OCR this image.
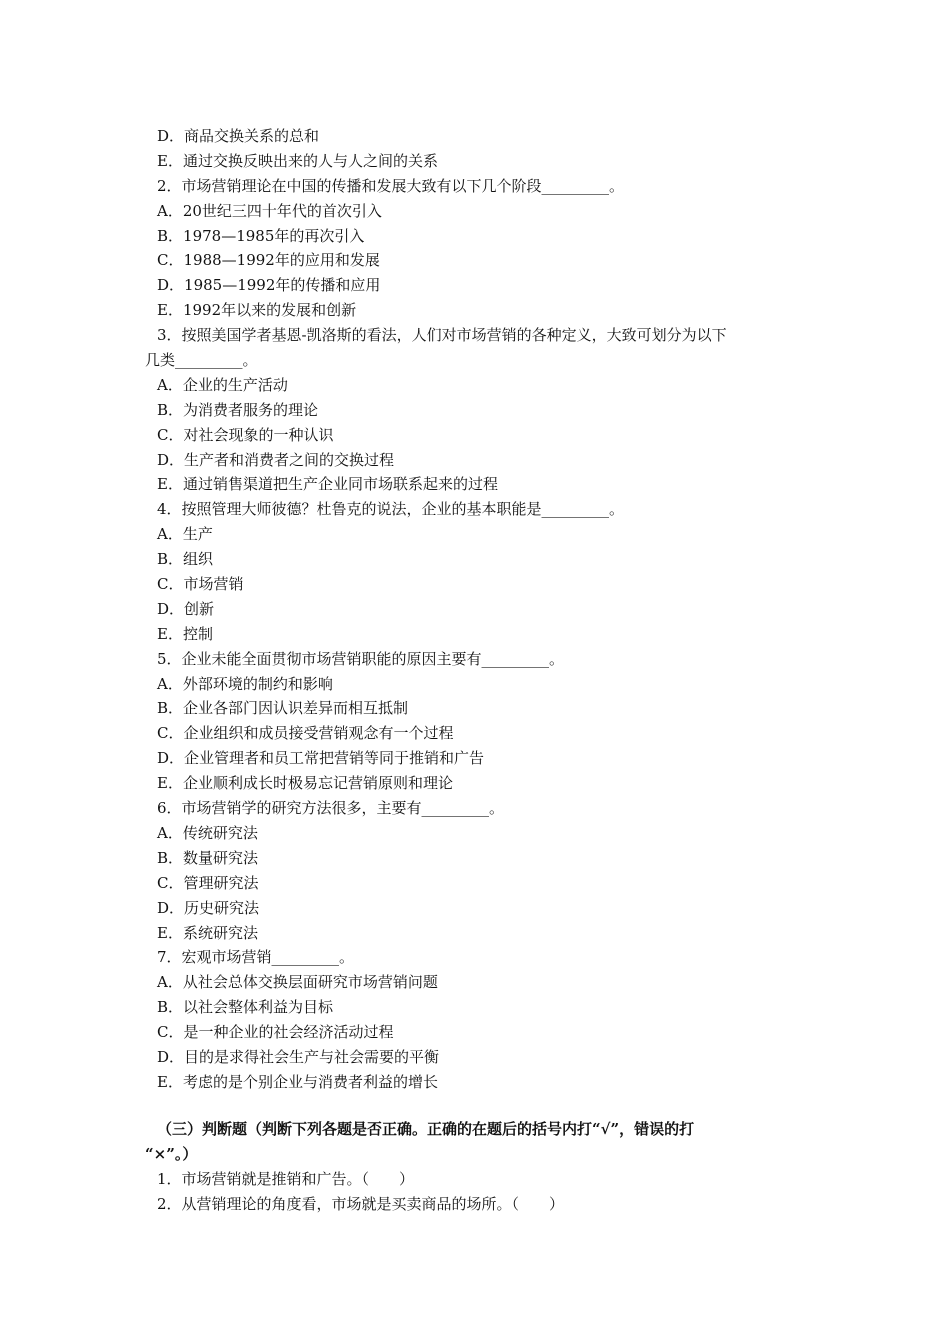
D．商品交换关系的总和
E．通过交换反映出来的人与人之间的关系
2．市场营销理论在中国的传播和发展大致有以下几个阶段_________。
A．20世纪三四十年代的首次引入
B．1978—1985年的再次引入
C．1988—1992年的应用和发展
D．1985—1992年的传播和应用
E．1992年以来的发展和创新
3．按照美国学者基恩-凯洛斯的看法，人们对市场营销的各种定义，大致可划分为以下
几类_________。
A．企业的生产活动
B．为消费者服务的理论
C．对社会现象的一种认识
D．生产者和消费者之间的交换过程
E．通过销售渠道把生产企业同市场联系起来的过程
4．按照管理大师彼德？杜鲁克的说法，企业的基本职能是_________。
A．生产
B．组织
C．市场营销
D．创新
E．控制
5．企业未能全面贯彻市场营销职能的原因主要有_________。
A．外部环境的制约和影响
B．企业各部门因认识差异而相互抵制
C．企业组织和成员接受营销观念有一个过程
D．企业管理者和员工常把营销等同于推销和广告
E．企业顺利成长时极易忘记营销原则和理论
6．市场营销学的研究方法很多，主要有_________。
A．传统研究法
B．数量研究法
C．管理研究法
D．历史研究法
E．系统研究法
7．宏观市场营销_________。
A．从社会总体交换层面研究市场营销问题
B．以社会整体利益为目标
C．是一种企业的社会经济活动过程
D．目的是求得社会生产与社会需要的平衡
E．考虑的是个别企业与消费者利益的增长
（三）判断题（判断下列各题是否正确。正确的在题后的括号内打“√”，错误的打
“×”。）
1．市场营销就是推销和广告。（　　）
2．从营销理论的角度看，市场就是买卖商品的场所。（　　）
